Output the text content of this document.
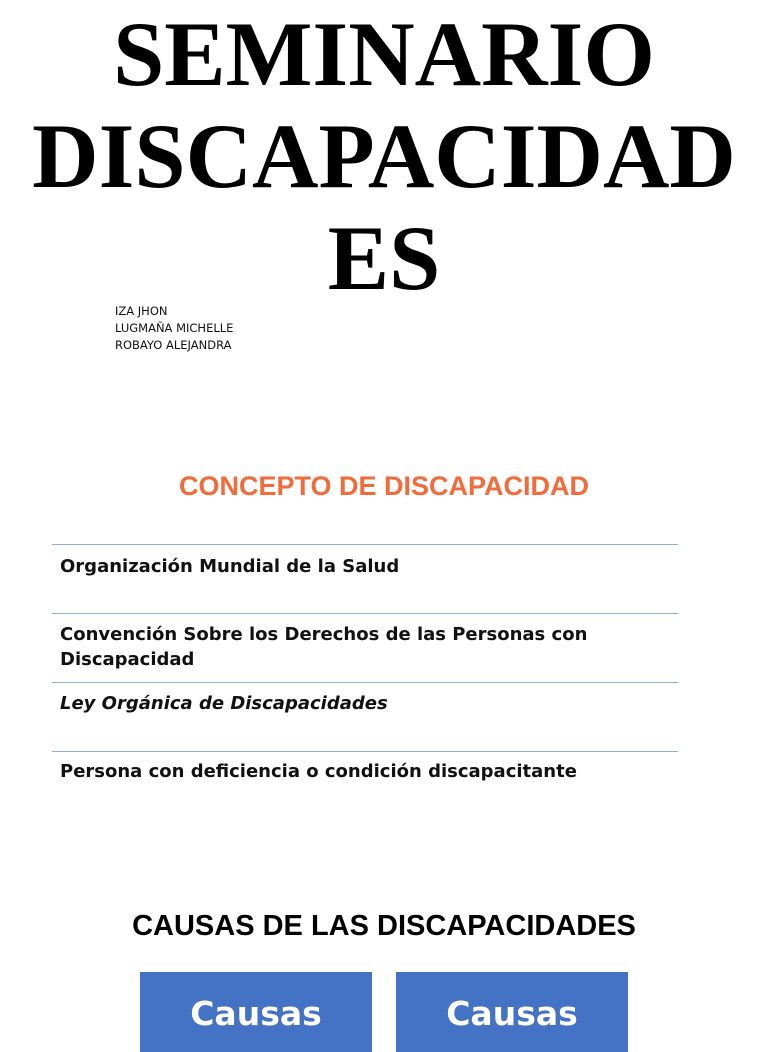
SEMINARIO
DISCAPACIDAD
ES
IZA JHON
LUGMAÑA MICHELLE
ROBAYO ALEJANDRA
CONCEPTO DE DISCAPACIDAD
Organización Mundial de la Salud
Convención Sobre los Derechos de las Personas con Discapacidad
Ley Orgánica de Discapacidades
Persona con deficiencia o condición discapacitante
CAUSAS DE LAS DISCAPACIDADES
Causas	Causas
